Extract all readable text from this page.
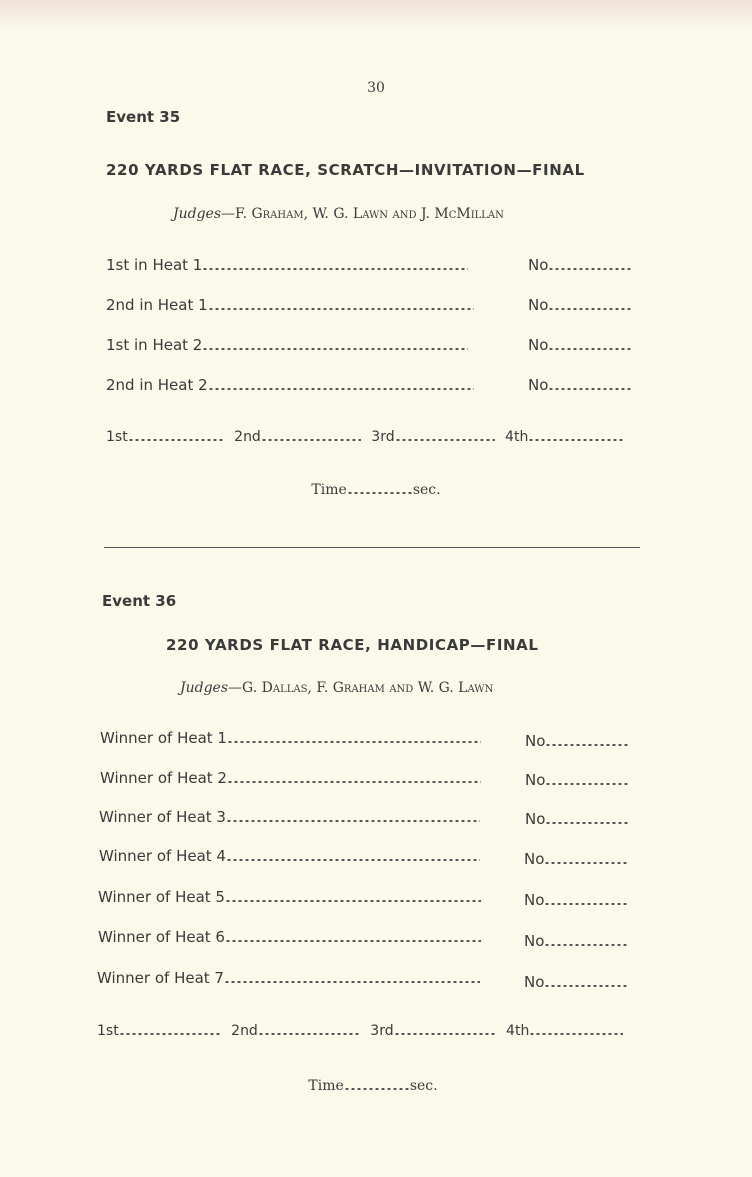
30
Event 35
220 YARDS FLAT RACE, SCRATCH—INVITATION—FINAL
Judges—F. Graham, W. G. Lawn and J. McMillan
1st in Heat 1	No
2nd in Heat 1	No
1st in Heat 2	No
2nd in Heat 2	No
1st	2nd	3rd	4th
Time	sec.
Event 36
220 YARDS FLAT RACE, HANDICAP—FINAL
Judges—G. Dallas, F. Graham and W. G. Lawn
Winner of Heat 1	No
Winner of Heat 2	No
Winner of Heat 3	No
Winner of Heat 4	No
Winner of Heat 5	No
Winner of Heat 6	No
Winner of Heat 7	No
1st	2nd	3rd	4th
Time	sec.
